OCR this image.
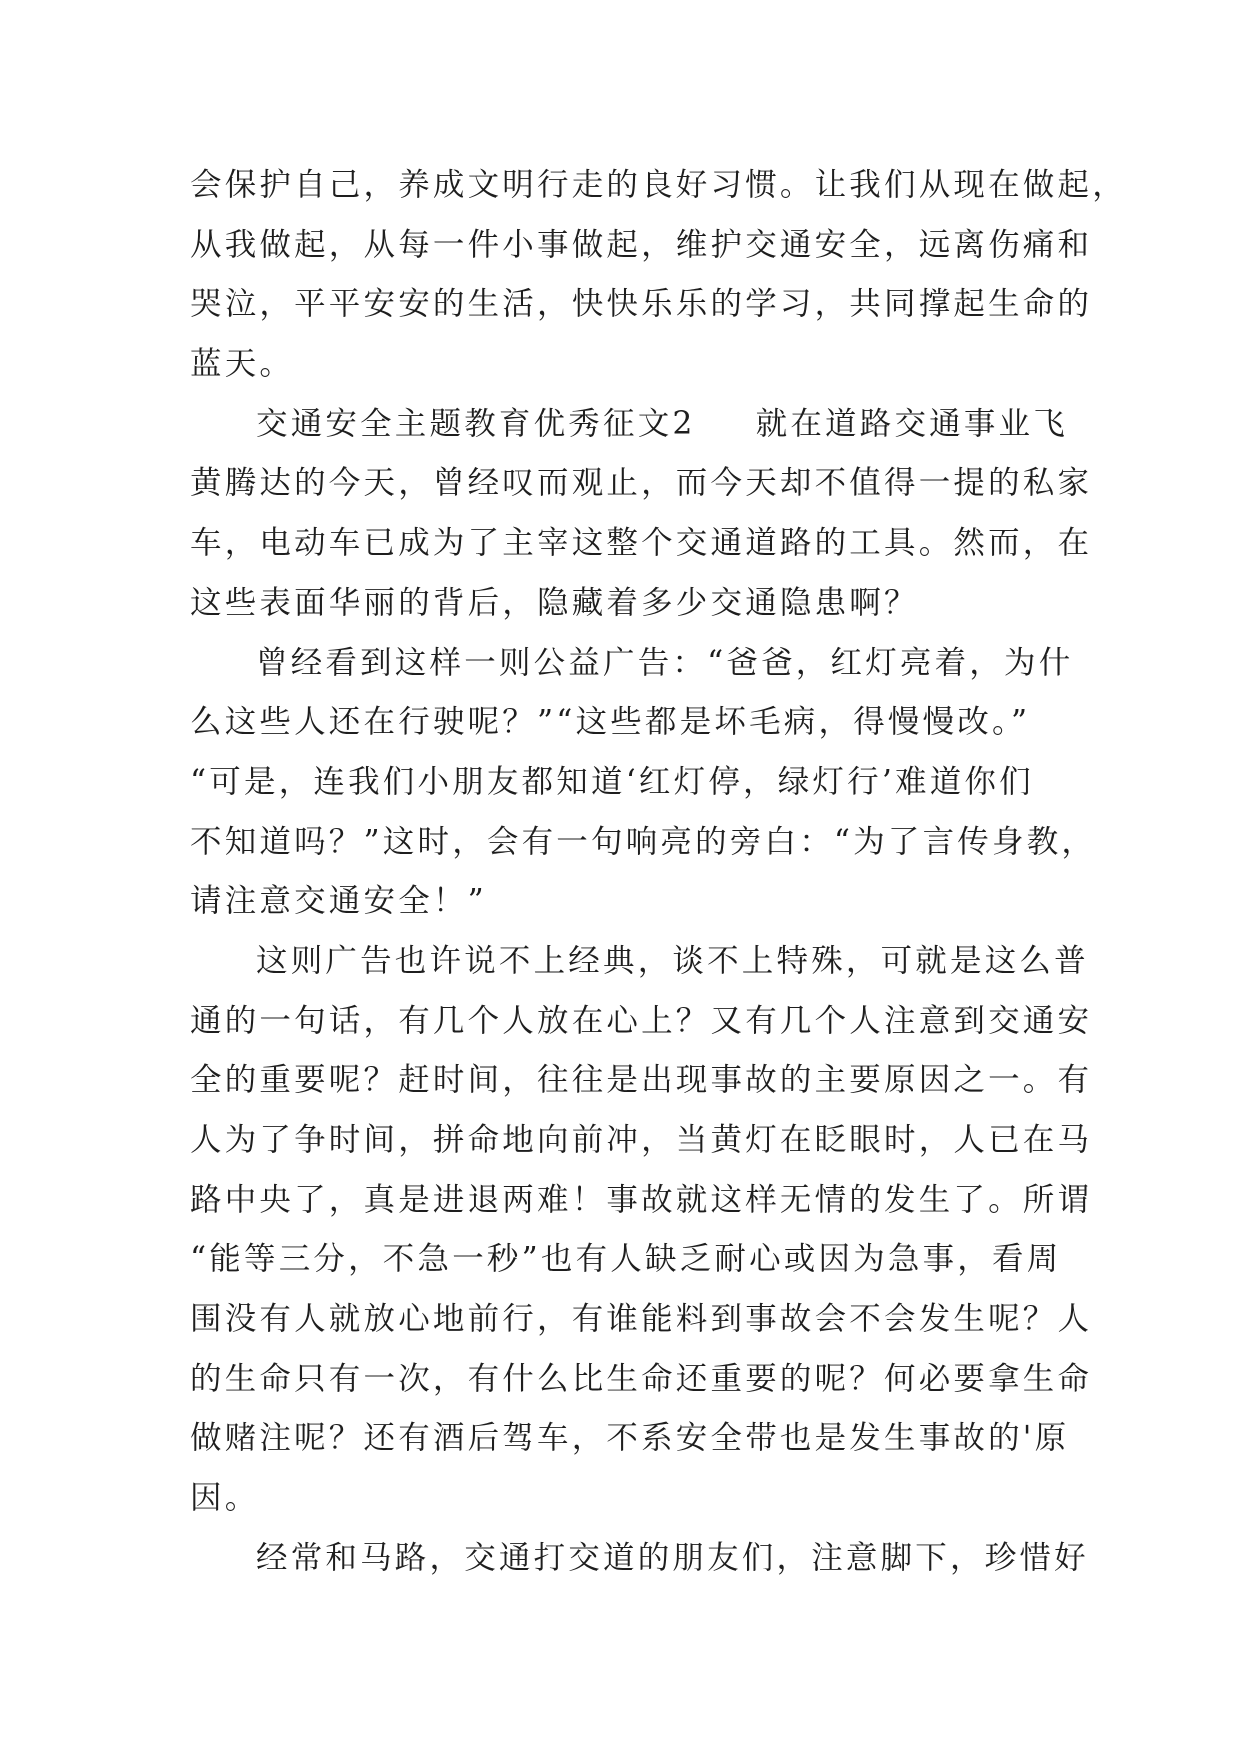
会保护自己，养成文明行走的良好习惯。让我们从现在做起，
从我做起，从每一件小事做起，维护交通安全，远离伤痛和
哭泣，平平安安的生活，快快乐乐的学习，共同撑起生命的
蓝天。
交通安全主题教育优秀征文2 就在道路交通事业飞
黄腾达的今天，曾经叹而观止，而今天却不值得一提的私家
车，电动车已成为了主宰这整个交通道路的工具。然而，在
这些表面华丽的背后，隐藏着多少交通隐患啊？
曾经看到这样一则公益广告：“爸爸，红灯亮着，为什
么这些人还在行驶呢？”“这些都是坏毛病，得慢慢改。”
“可是，连我们小朋友都知道‘红灯停，绿灯行’难道你们
不知道吗？”这时，会有一句响亮的旁白：“为了言传身教，
请注意交通安全！”
这则广告也许说不上经典，谈不上特殊，可就是这么普
通的一句话，有几个人放在心上？又有几个人注意到交通安
全的重要呢？赶时间，往往是出现事故的主要原因之一。有
人为了争时间，拼命地向前冲，当黄灯在眨眼时，人已在马
路中央了，真是进退两难！事故就这样无情的发生了。所谓
“能等三分，不急一秒”也有人缺乏耐心或因为急事，看周
围没有人就放心地前行，有谁能料到事故会不会发生呢？人
的生命只有一次，有什么比生命还重要的呢？何必要拿生命
做赌注呢？还有酒后驾车，不系安全带也是发生事故的'原
因。
经常和马路，交通打交道的朋友们，注意脚下，珍惜好
